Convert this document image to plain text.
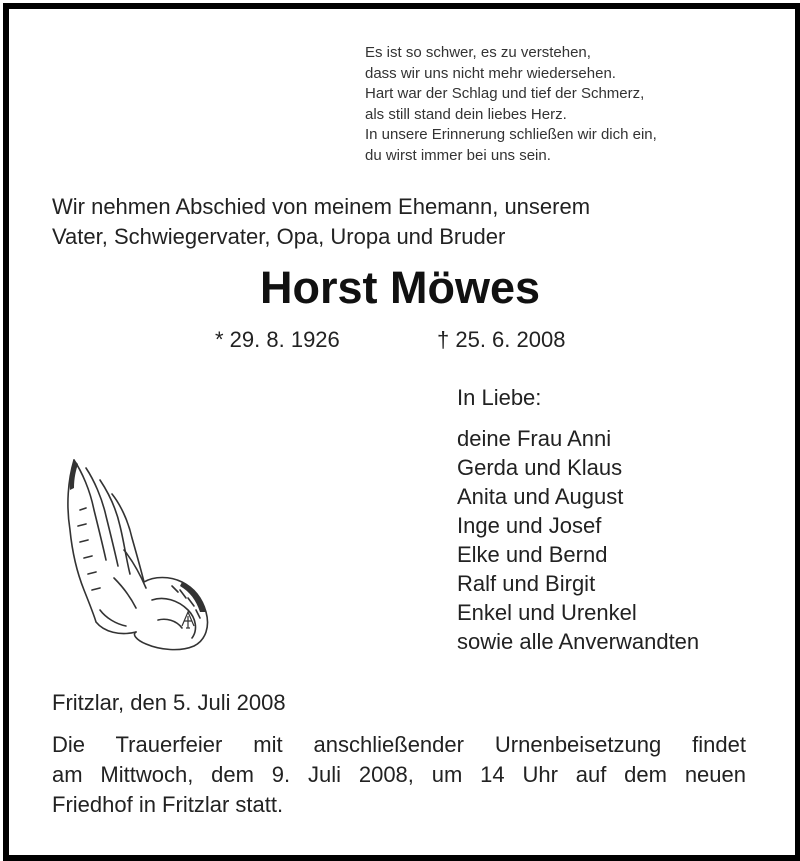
Es ist so schwer, es zu verstehen,
dass wir uns nicht mehr wiedersehen.
Hart war der Schlag und tief der Schmerz,
als still stand dein liebes Herz.
In unsere Erinnerung schließen wir dich ein,
du wirst immer bei uns sein.
Wir nehmen Abschied von meinem Ehemann, unserem
Vater, Schwiegervater, Opa, Uropa und Bruder
Horst Möwes
* 29. 8. 1926	† 25. 6. 2008
In Liebe:
deine Frau Anni
Gerda und Klaus
Anita und August
Inge und Josef
Elke und Bernd
Ralf und Birgit
Enkel und Urenkel
sowie alle Anverwandten
Fritzlar, den 5. Juli 2008
Die Trauerfeier mit anschließender Urnenbeisetzung findet
am Mittwoch, dem 9. Juli 2008, um 14 Uhr auf dem neuen
Friedhof in Fritzlar statt.
